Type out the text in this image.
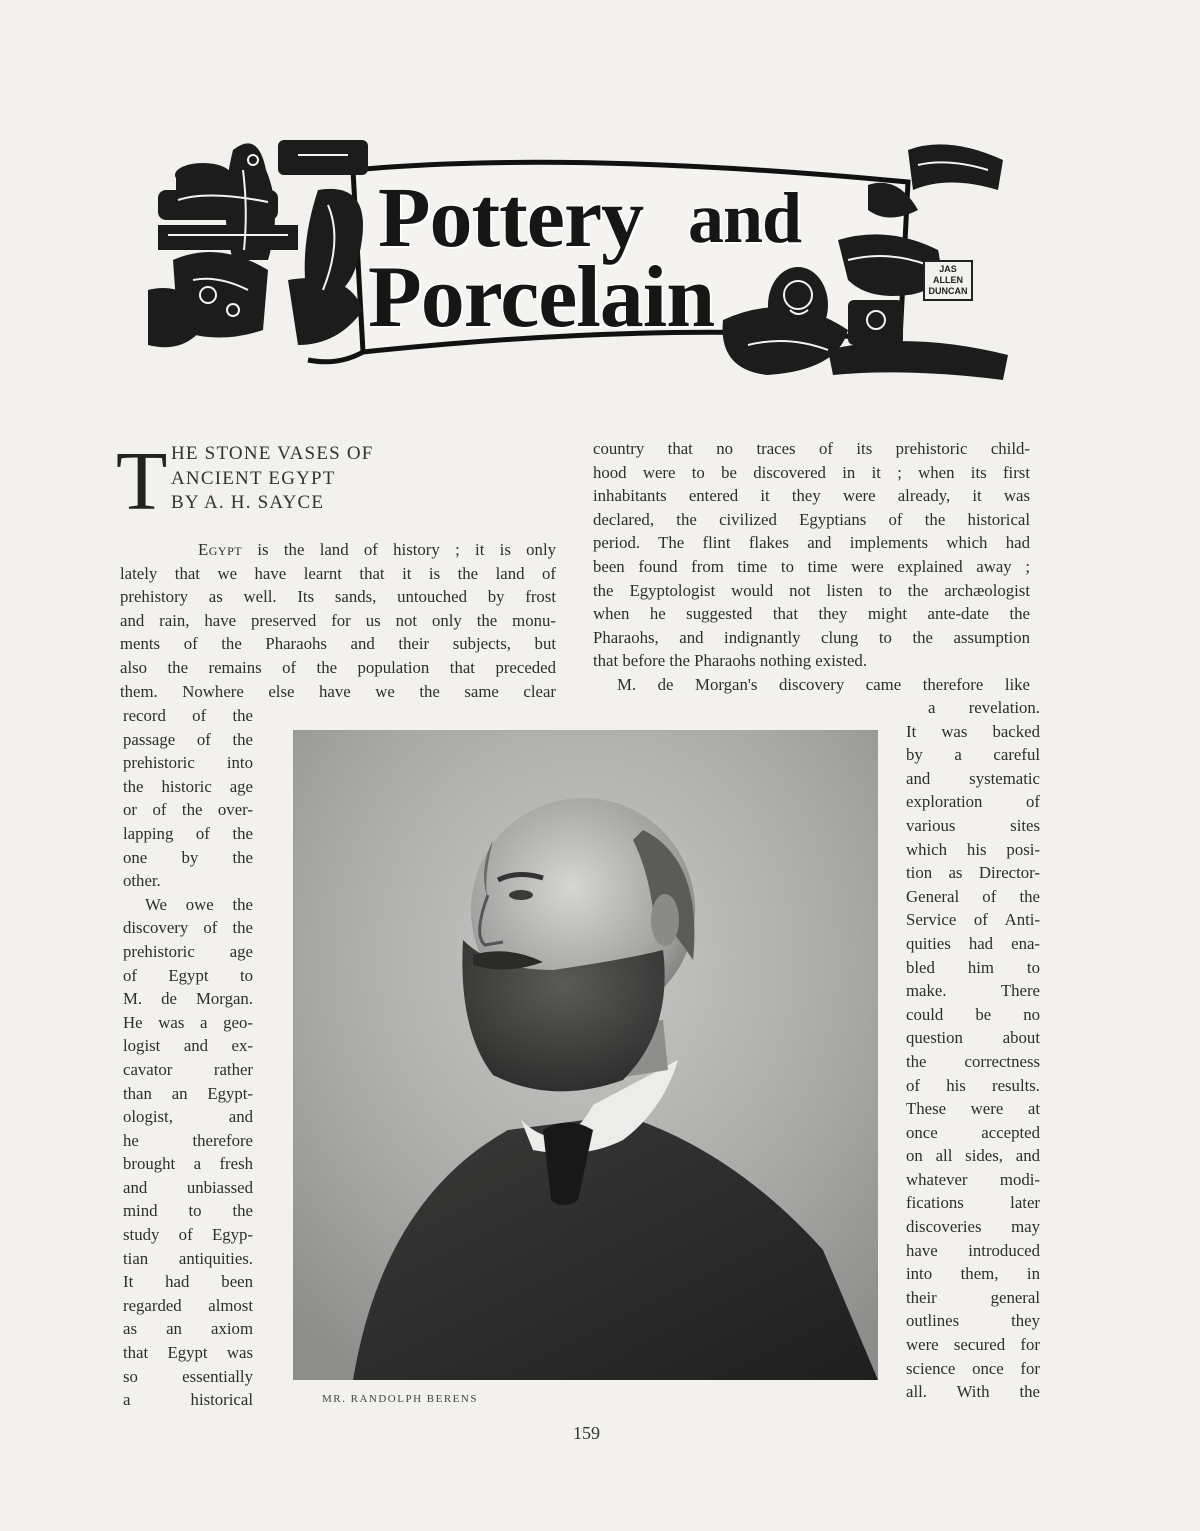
Pottery and
Porcelain	JAS ALLEN DUNCAN
T HE STONE VASES OF
ANCIENT EGYPT
BY A. H. SAYCE
Egypt is the land of history ; it is only
lately that we have learnt that it is the land of
prehistory as well. Its sands, untouched by frost
and rain, have preserved for us not only the monu-
ments of the Pharaohs and their subjects, but
also the remains of the population that preceded
them. Nowhere else have we the same clear
record of the
passage of the
prehistoric into
the historic age
or of the over-
lapping of the
one by the
other.
We owe the
discovery of the
prehistoric age
of Egypt to
M. de Morgan.
He was a geo-
logist and ex-
cavator rather
than an Egypt-
ologist, and
he therefore
brought a fresh
and unbiassed
mind to the
study of Egyp-
tian antiquities.
It had been
regarded almost
as an axiom
that Egypt was
so essentially
a historical
country that no traces of its prehistoric child-
hood were to be discovered in it ; when its first
inhabitants entered it they were already, it was
declared, the civilized Egyptians of the historical
period. The flint flakes and implements which had
been found from time to time were explained away ;
the Egyptologist would not listen to the archæologist
when he suggested that they might ante-date the
Pharaohs, and indignantly clung to the assumption
that before the Pharaohs nothing existed.
M. de Morgan's discovery came therefore like
a revelation.
It was backed
by a careful
and systematic
exploration of
various sites
which his posi-
tion as Director-
General of the
Service of Anti-
quities had ena-
bled him to
make. There
could be no
question about
the correctness
of his results.
These were at
once accepted
on all sides, and
whatever modi-
fications later
discoveries may
have introduced
into them, in
their general
outlines they
were secured for
science once for
all. With the
MR. RANDOLPH BERENS
159
